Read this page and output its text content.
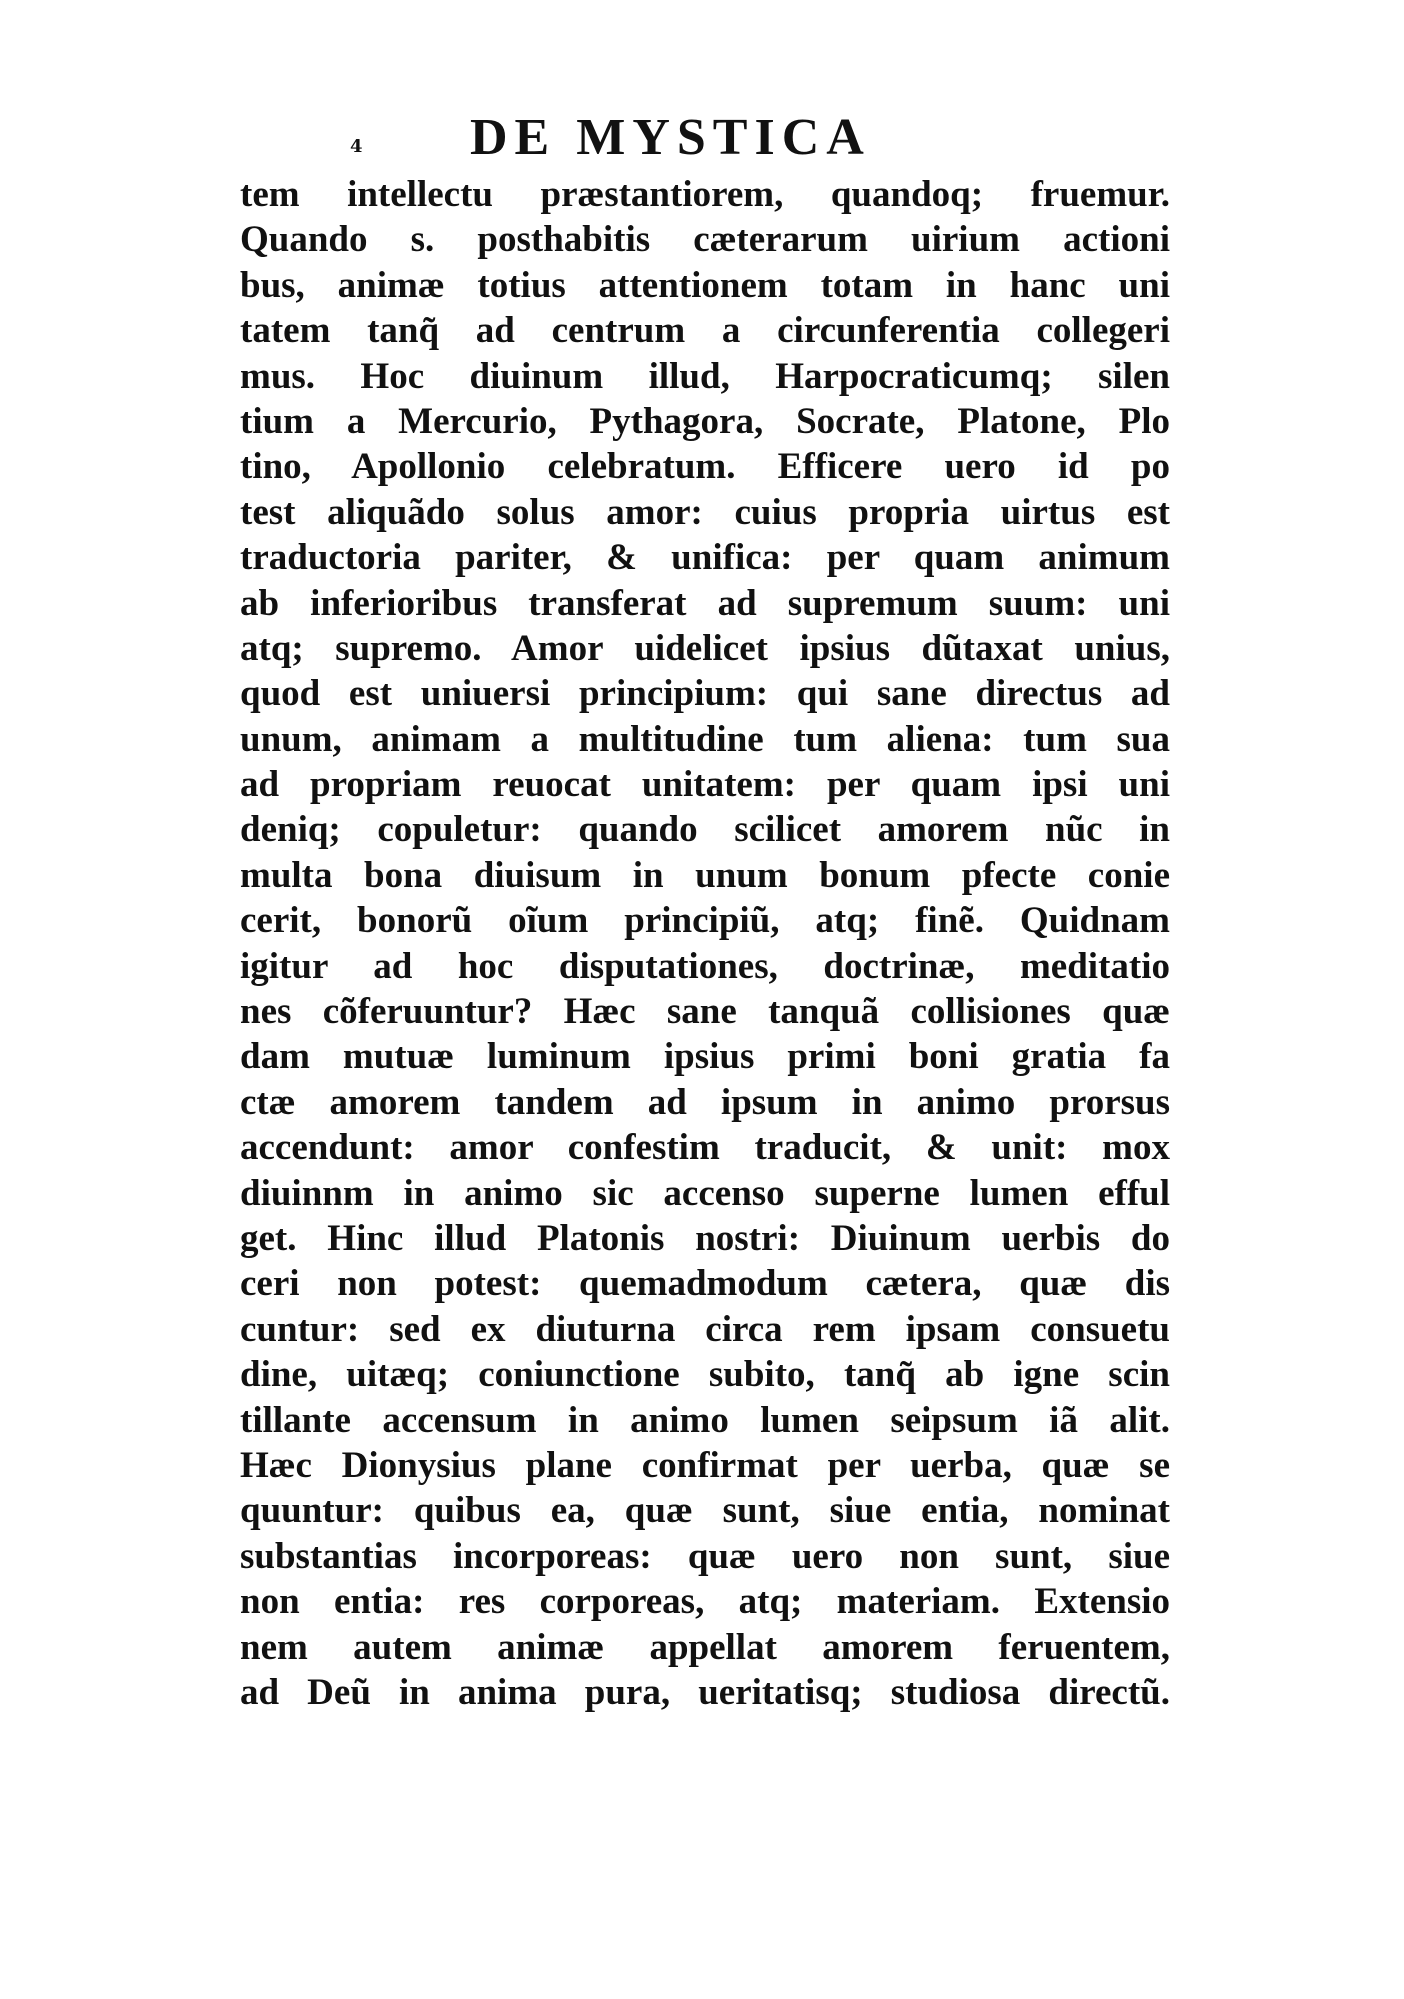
4 DE MYSTICA
tem intellectu præstantiorem, quandoq; fruemur.
Quando s. posthabitis cæterarum uirium actioni
bus, animæ totius attentionem totam in hanc uni
tatem tanq̃ ad centrum a circunferentia collegeri
mus. Hoc diuinum illud, Harpocraticumq; silen
tium a Mercurio, Pythagora, Socrate, Platone, Plo
tino, Apollonio celebratum. Efficere uero id po
test aliquãdo solus amor: cuius propria uirtus est
traductoria pariter, & unifica: per quam animum
ab inferioribus transferat ad supremum suum: uni
atq; supremo. Amor uidelicet ipsius dũtaxat unius,
quod est uniuersi principium: qui sane directus ad
unum, animam a multitudine tum aliena: tum sua
ad propriam reuocat unitatem: per quam ipsi uni
deniq; copuletur: quando scilicet amorem nũc in
multa bona diuisum in unum bonum pfecte conie
cerit, bonorũ oĩum principiũ, atq; finẽ. Quidnam
igitur ad hoc disputationes, doctrinæ, meditatio
nes cõferuuntur? Hæc sane tanquã collisiones quæ
dam mutuæ luminum ipsius primi boni gratia fa
ctæ amorem tandem ad ipsum in animo prorsus
accendunt: amor confestim traducit, & unit: mox
diuinnm in animo sic accenso superne lumen efful
get. Hinc illud Platonis nostri: Diuinum uerbis do
ceri non potest: quemadmodum cætera, quæ dis
cuntur: sed ex diuturna circa rem ipsam consuetu
dine, uitæq; coniunctione subito, tanq̃ ab igne scin
tillante accensum in animo lumen seipsum iã alit.
Hæc Dionysius plane confirmat per uerba, quæ se
quuntur: quibus ea, quæ sunt, siue entia, nominat
substantias incorporeas: quæ uero non sunt, siue
non entia: res corporeas, atq; materiam. Extensio
nem autem animæ appellat amorem feruentem,
ad Deũ in anima pura, ueritatisq; studiosa directũ.
